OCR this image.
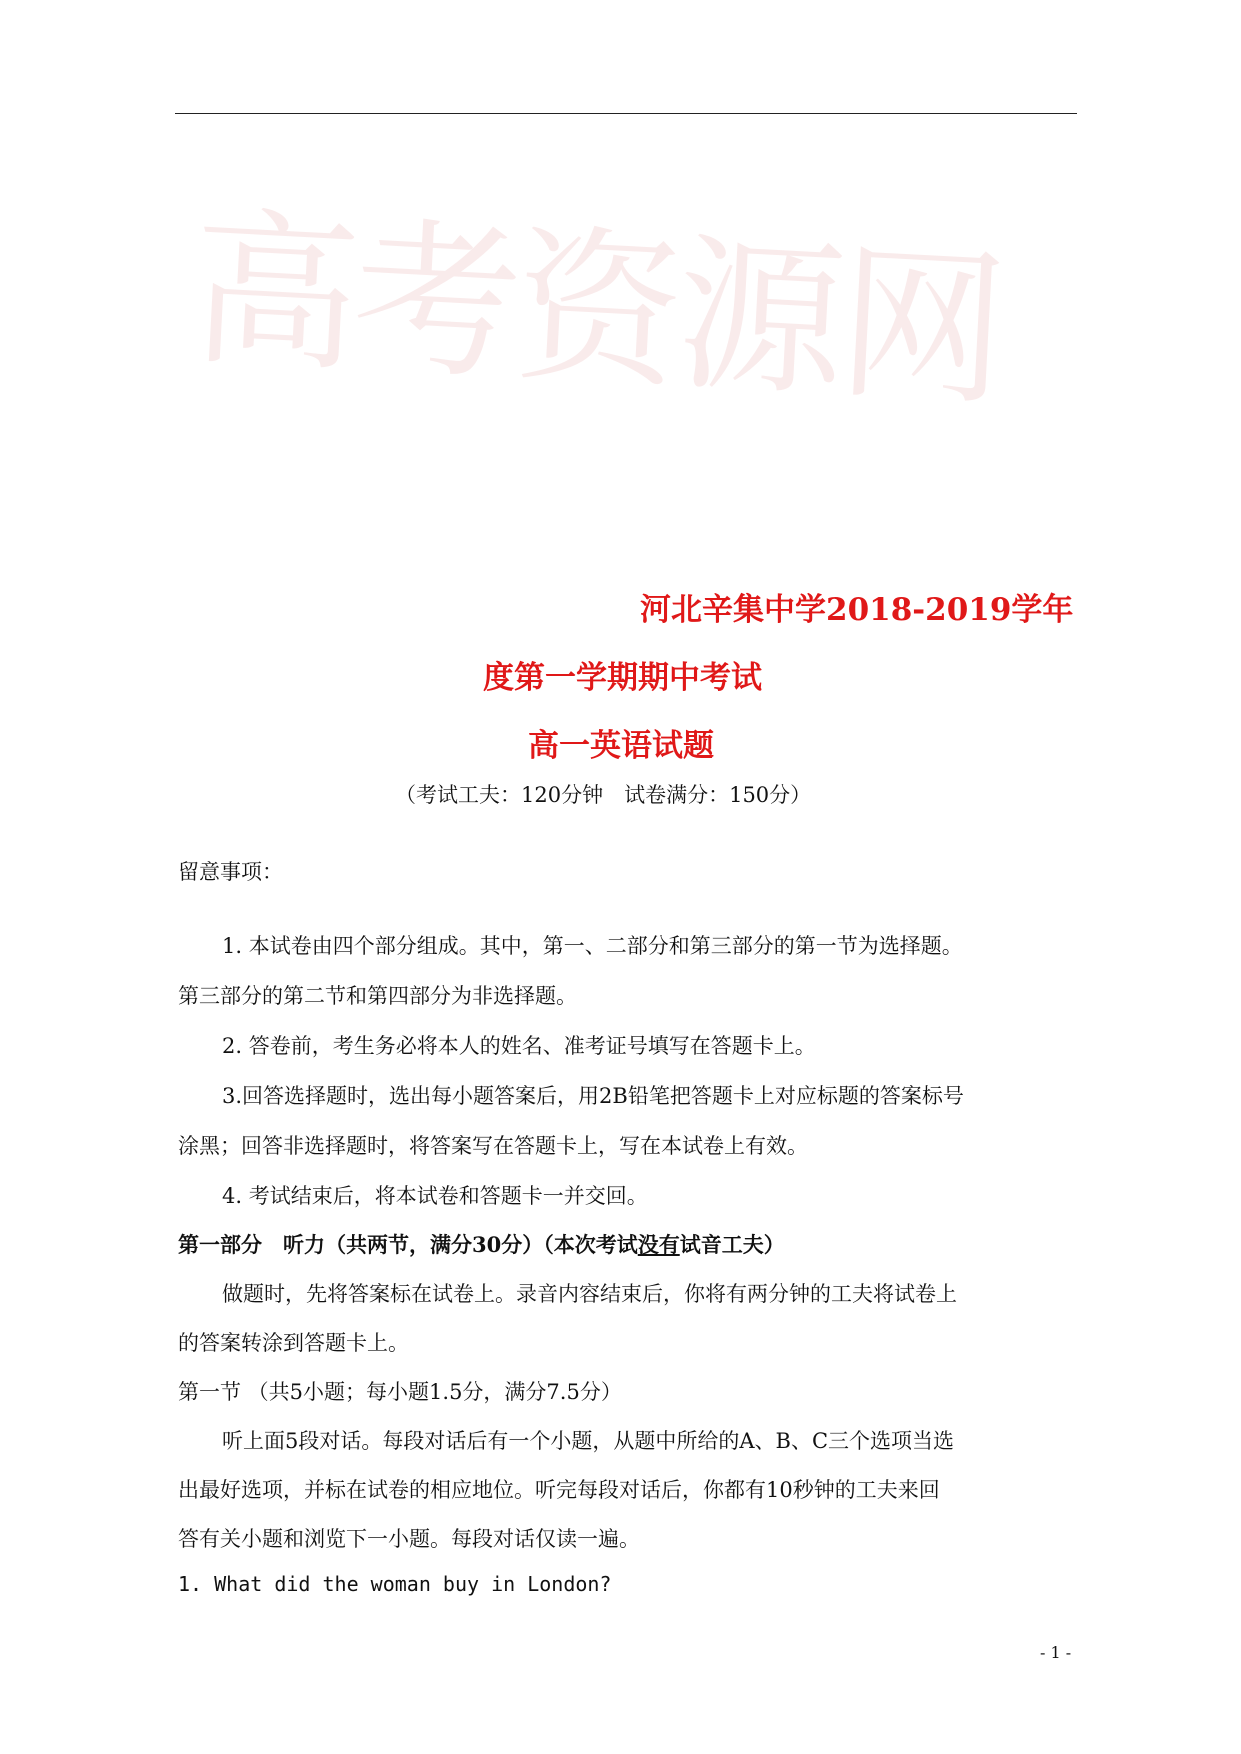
高考资源网
河北辛集中学2018-2019学年
度第一学期期中考试
高一英语试题
（考试工夫：120分钟　试卷满分：150分）
留意事项：
1. 本试卷由四个部分组成。其中，第一、二部分和第三部分的第一节为选择题。
第三部分的第二节和第四部分为非选择题。
2. 答卷前，考生务必将本人的姓名、准考证号填写在答题卡上。
3.回答选择题时，选出每小题答案后，用2B铅笔把答题卡上对应标题的答案标号
涂黑；回答非选择题时，将答案写在答题卡上，写在本试卷上有效。
4. 考试结束后，将本试卷和答题卡一并交回。
第一部分　听力（共两节，满分30分）（本次考试没有试音工夫）
做题时，先将答案标在试卷上。录音内容结束后，你将有两分钟的工夫将试卷上
的答案转涂到答题卡上。
第一节 （共5小题；每小题1.5分，满分7.5分）
听上面5段对话。每段对话后有一个小题，从题中所给的A、B、C三个选项当选
出最好选项，并标在试卷的相应地位。听完每段对话后，你都有10秒钟的工夫来回
答有关小题和浏览下一小题。每段对话仅读一遍。
1. What did the woman buy in London?
- 1 -
